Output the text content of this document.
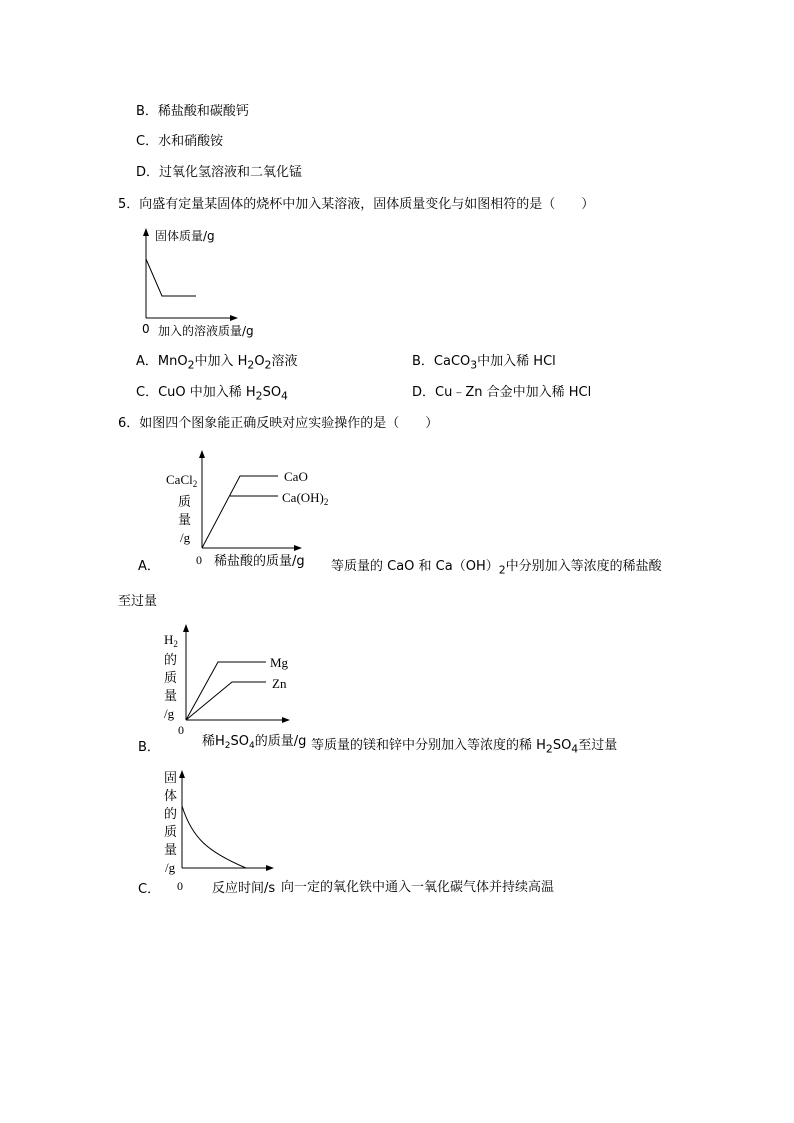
B．稀盐酸和碳酸钙
C．水和硝酸铵
D．过氧化氢溶液和二氧化锰
5．向盛有定量某固体的烧杯中加入某溶液，固体质量变化与如图相符的是（　　）
固体质量/g
0 加入的溶液质量/g
A．MnO$_2$中加入 $H_2O_2$溶液	B．CaCO$_3$中加入稀 HCl
C．CuO 中加入稀 $H_2SO_4$	D．Cu﹣Zn 合金中加入稀 HCl
6．如图四个图象能正确反映对应实验操作的是（　　）
CaCl$_2$
质
量
/g
0 稀盐酸的质量/g
CaO
$Ca(OH)_2$
A．	等质量的 CaO 和 $Ca(OH)_2$中分别加入等浓度的稀盐酸
至过量
$H_2$
的
质
量
/g
0
稀$H_2SO_4$的质量/g
Mg
Zn
B．	等质量的镁和锌中分别加入等浓度的稀 $H_2SO_4$至过量
固
体
的
质
量
/g
0 反应时间/s
C．	向一定的氧化铁中通入一氧化碳气体并持续高温
